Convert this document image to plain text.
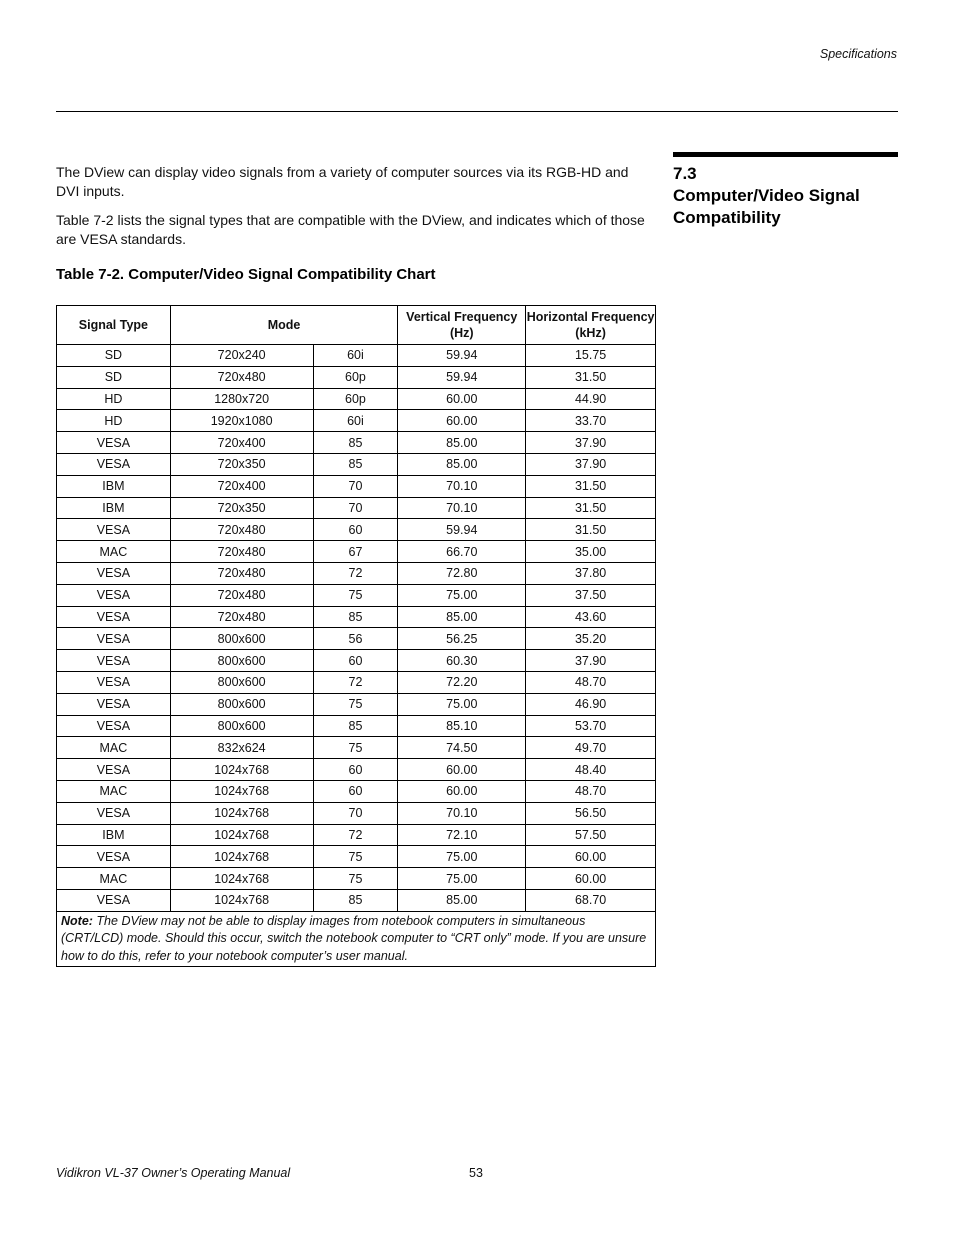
Specifications
7.3
Computer/Video Signal Compatibility

The DView can display video signals from a variety of computer sources via its RGB-HD and DVI inputs.

Table 7-2 lists the signal types that are compatible with the DView, and indicates which of those are VESA standards.

Table 7-2. Computer/Video Signal Compatibility Chart
Signal Type	Mode		Vertical Frequency (Hz)	Horizontal Frequency (kHz)
SD	720x240	60i	59.94	15.75
SD	720x480	60p	59.94	31.50
HD	1280x720	60p	60.00	44.90
HD	1920x1080	60i	60.00	33.70
VESA	720x400	85	85.00	37.90
VESA	720x350	85	85.00	37.90
IBM	720x400	70	70.10	31.50
IBM	720x350	70	70.10	31.50
VESA	720x480	60	59.94	31.50
MAC	720x480	67	66.70	35.00
VESA	720x480	72	72.80	37.80
VESA	720x480	75	75.00	37.50
VESA	720x480	85	85.00	43.60
VESA	800x600	56	56.25	35.20
VESA	800x600	60	60.30	37.90
VESA	800x600	72	72.20	48.70
VESA	800x600	75	75.00	46.90
VESA	800x600	85	85.10	53.70
MAC	832x624	75	74.50	49.70
VESA	1024x768	60	60.00	48.40
MAC	1024x768	60	60.00	48.70
VESA	1024x768	70	70.10	56.50
IBM	1024x768	72	72.10	57.50
VESA	1024x768	75	75.00	60.00
MAC	1024x768	75	75.00	60.00
VESA	1024x768	85	85.00	68.70
Note: The DView may not be able to display images from notebook computers in simultaneous (CRT/LCD) mode. Should this occur, switch the notebook computer to “CRT only” mode. If you are unsure how to do this, refer to your notebook computer’s user manual.				
Vidikron VL-37 Owner’s Operating Manual	53
